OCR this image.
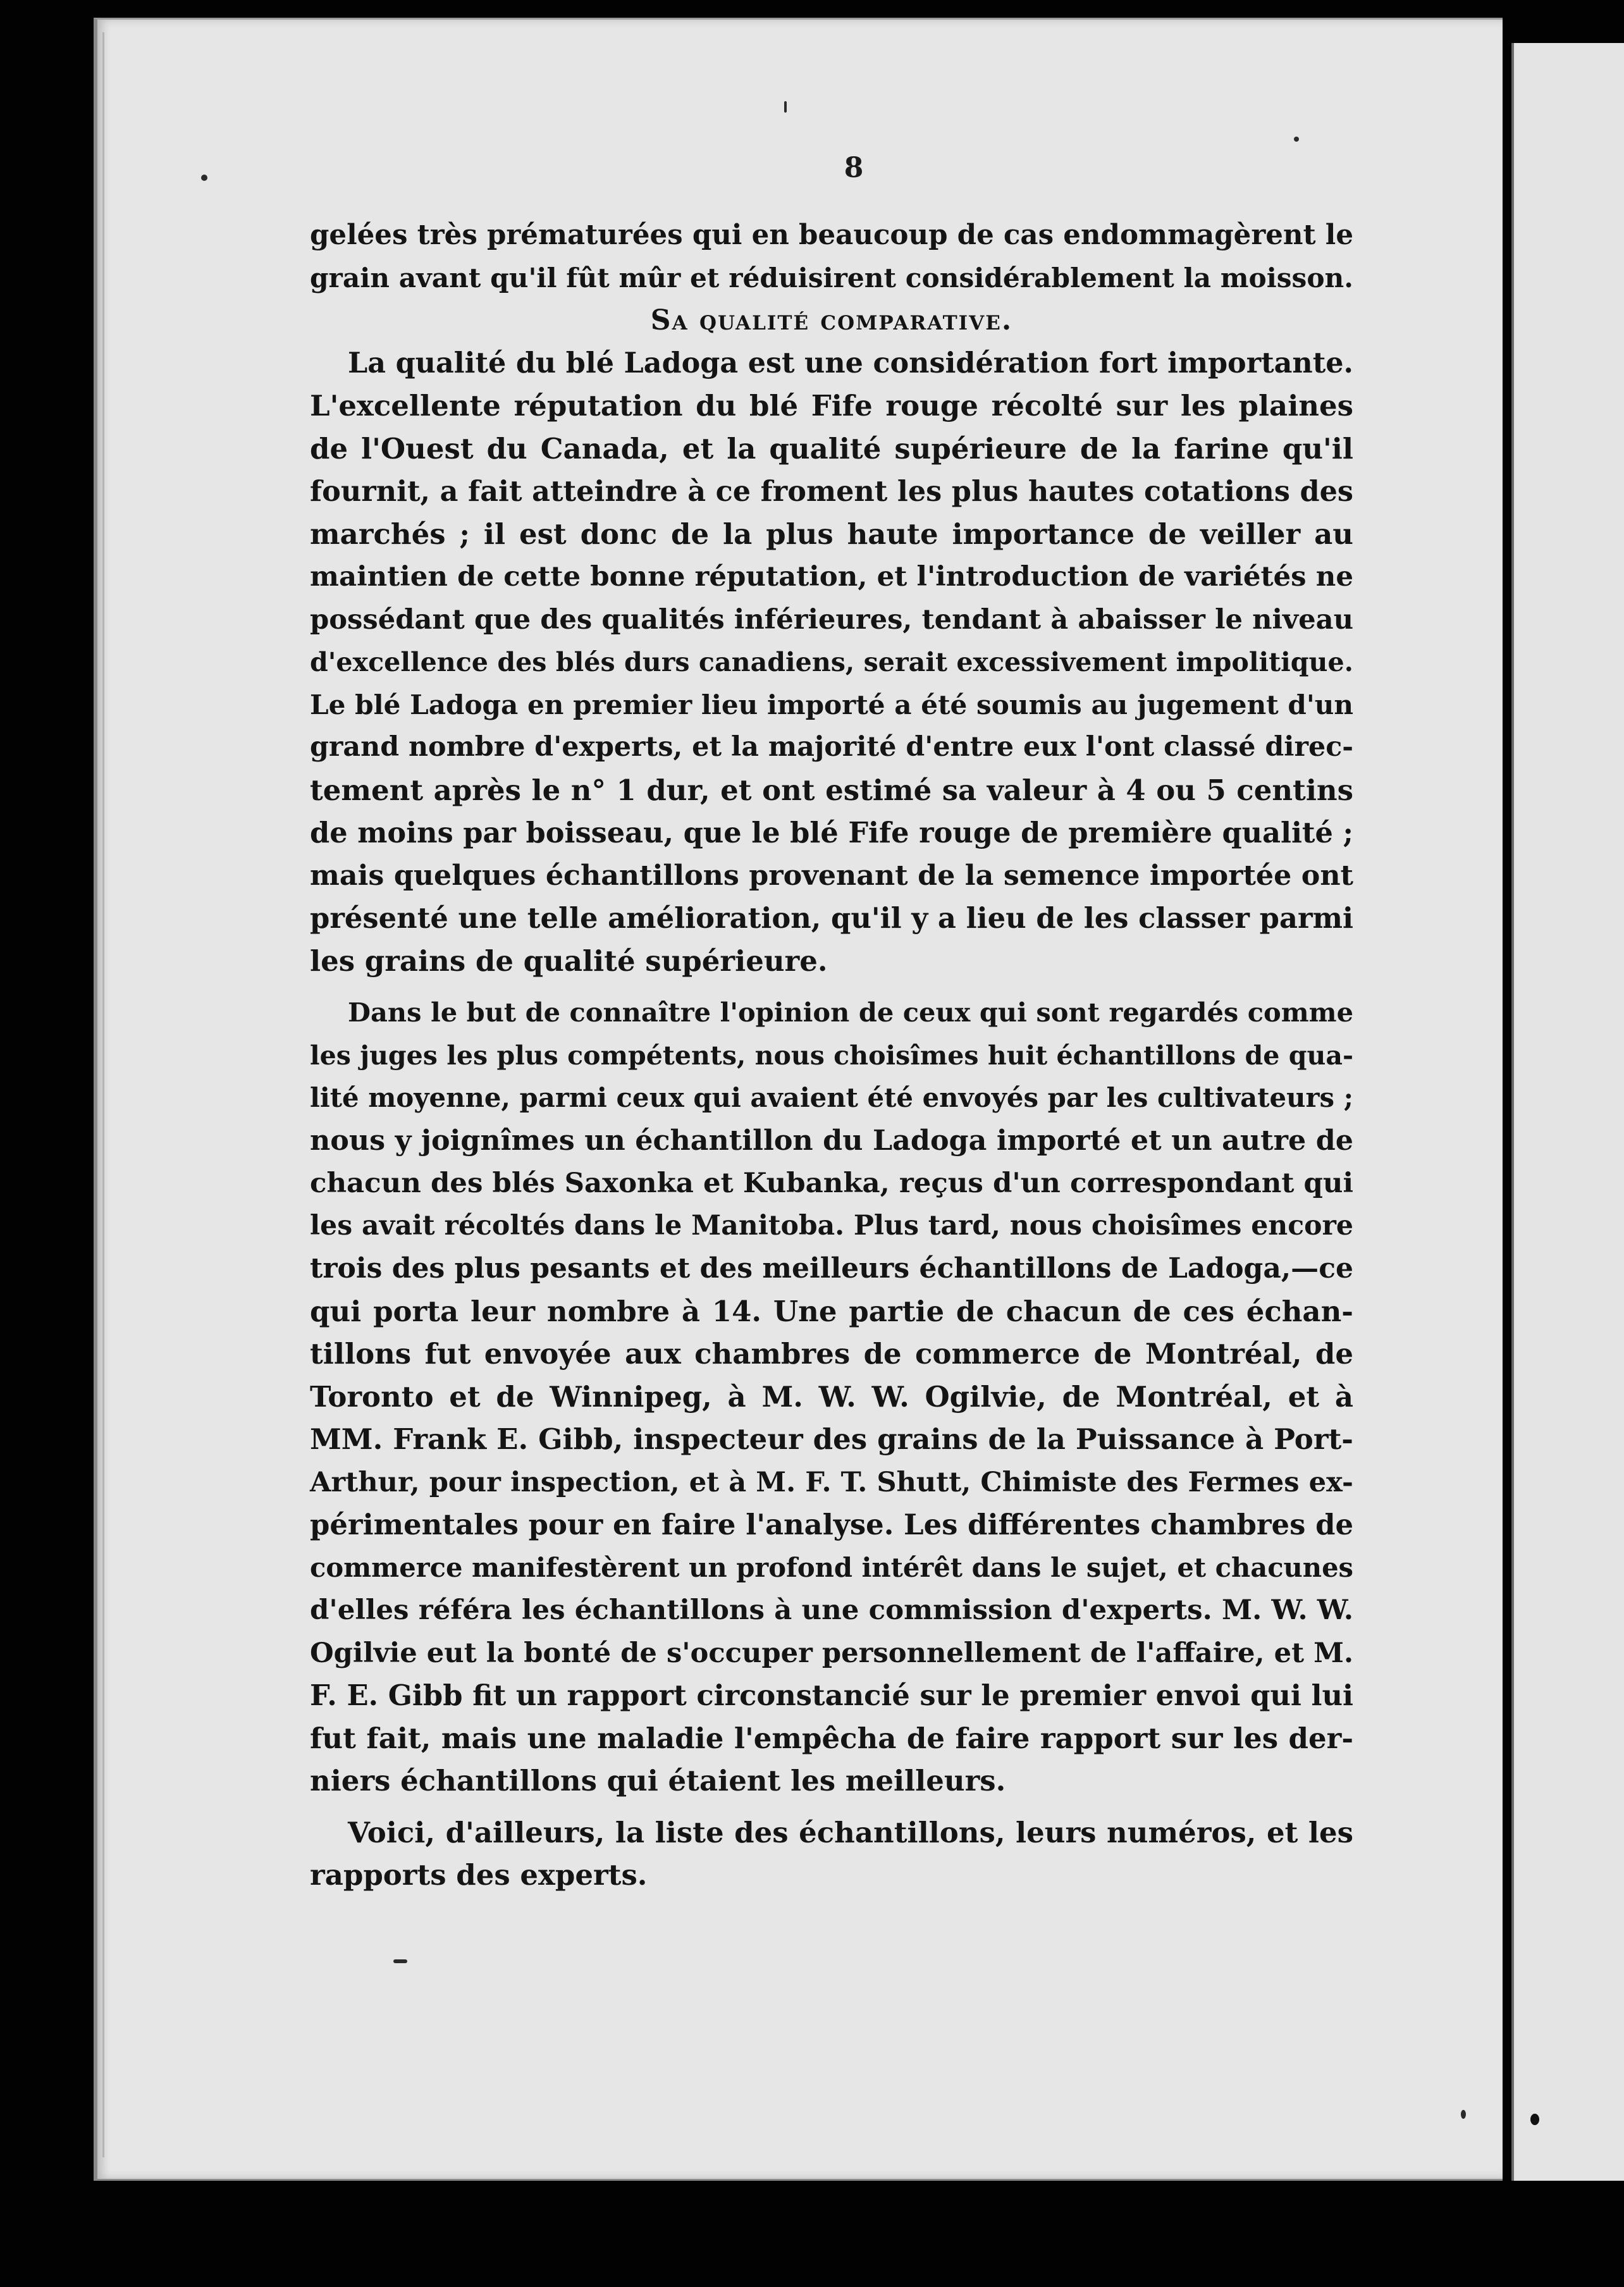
8
gelées très prématurées qui en beaucoup de cas endommagèrent le
grain avant qu'il fût mûr et réduisirent considérablement la moisson.
Sa qualité comparative.
La qualité du blé Ladoga est une considération fort importante.
L'excellente réputation du blé Fife rouge récolté sur les plaines
de l'Ouest du Canada, et la qualité supérieure de la farine qu'il
fournit, a fait atteindre à ce froment les plus hautes cotations des
marchés ; il est donc de la plus haute importance de veiller au
maintien de cette bonne réputation, et l'introduction de variétés ne
possédant que des qualités inférieures, tendant à abaisser le niveau
d'excellence des blés durs canadiens, serait excessivement impolitique.
Le blé Ladoga en premier lieu importé a été soumis au jugement d'un
grand nombre d'experts, et la majorité d'entre eux l'ont classé direc-
tement après le n° 1 dur, et ont estimé sa valeur à 4 ou 5 centins
de moins par boisseau, que le blé Fife rouge de première qualité ;
mais quelques échantillons provenant de la semence importée ont
présenté une telle amélioration, qu'il y a lieu de les classer parmi
les grains de qualité supérieure.
Dans le but de connaître l'opinion de ceux qui sont regardés comme
les juges les plus compétents, nous choisîmes huit échantillons de qua-
lité moyenne, parmi ceux qui avaient été envoyés par les cultivateurs ;
nous y joignîmes un échantillon du Ladoga importé et un autre de
chacun des blés Saxonka et Kubanka, reçus d'un correspondant qui
les avait récoltés dans le Manitoba. Plus tard, nous choisîmes encore
trois des plus pesants et des meilleurs échantillons de Ladoga,—ce
qui porta leur nombre à 14. Une partie de chacun de ces échan-
tillons fut envoyée aux chambres de commerce de Montréal, de
Toronto et de Winnipeg, à M. W. W. Ogilvie, de Montréal, et à
MM. Frank E. Gibb, inspecteur des grains de la Puissance à Port-
Arthur, pour inspection, et à M. F. T. Shutt, Chimiste des Fermes ex-
périmentales pour en faire l'analyse. Les différentes chambres de
commerce manifestèrent un profond intérêt dans le sujet, et chacunes
d'elles référa les échantillons à une commission d'experts. M. W. W.
Ogilvie eut la bonté de s'occuper personnellement de l'affaire, et M.
F. E. Gibb fit un rapport circonstancié sur le premier envoi qui lui
fut fait, mais une maladie l'empêcha de faire rapport sur les der-
niers échantillons qui étaient les meilleurs.
Voici, d'ailleurs, la liste des échantillons, leurs numéros, et les
rapports des experts.
